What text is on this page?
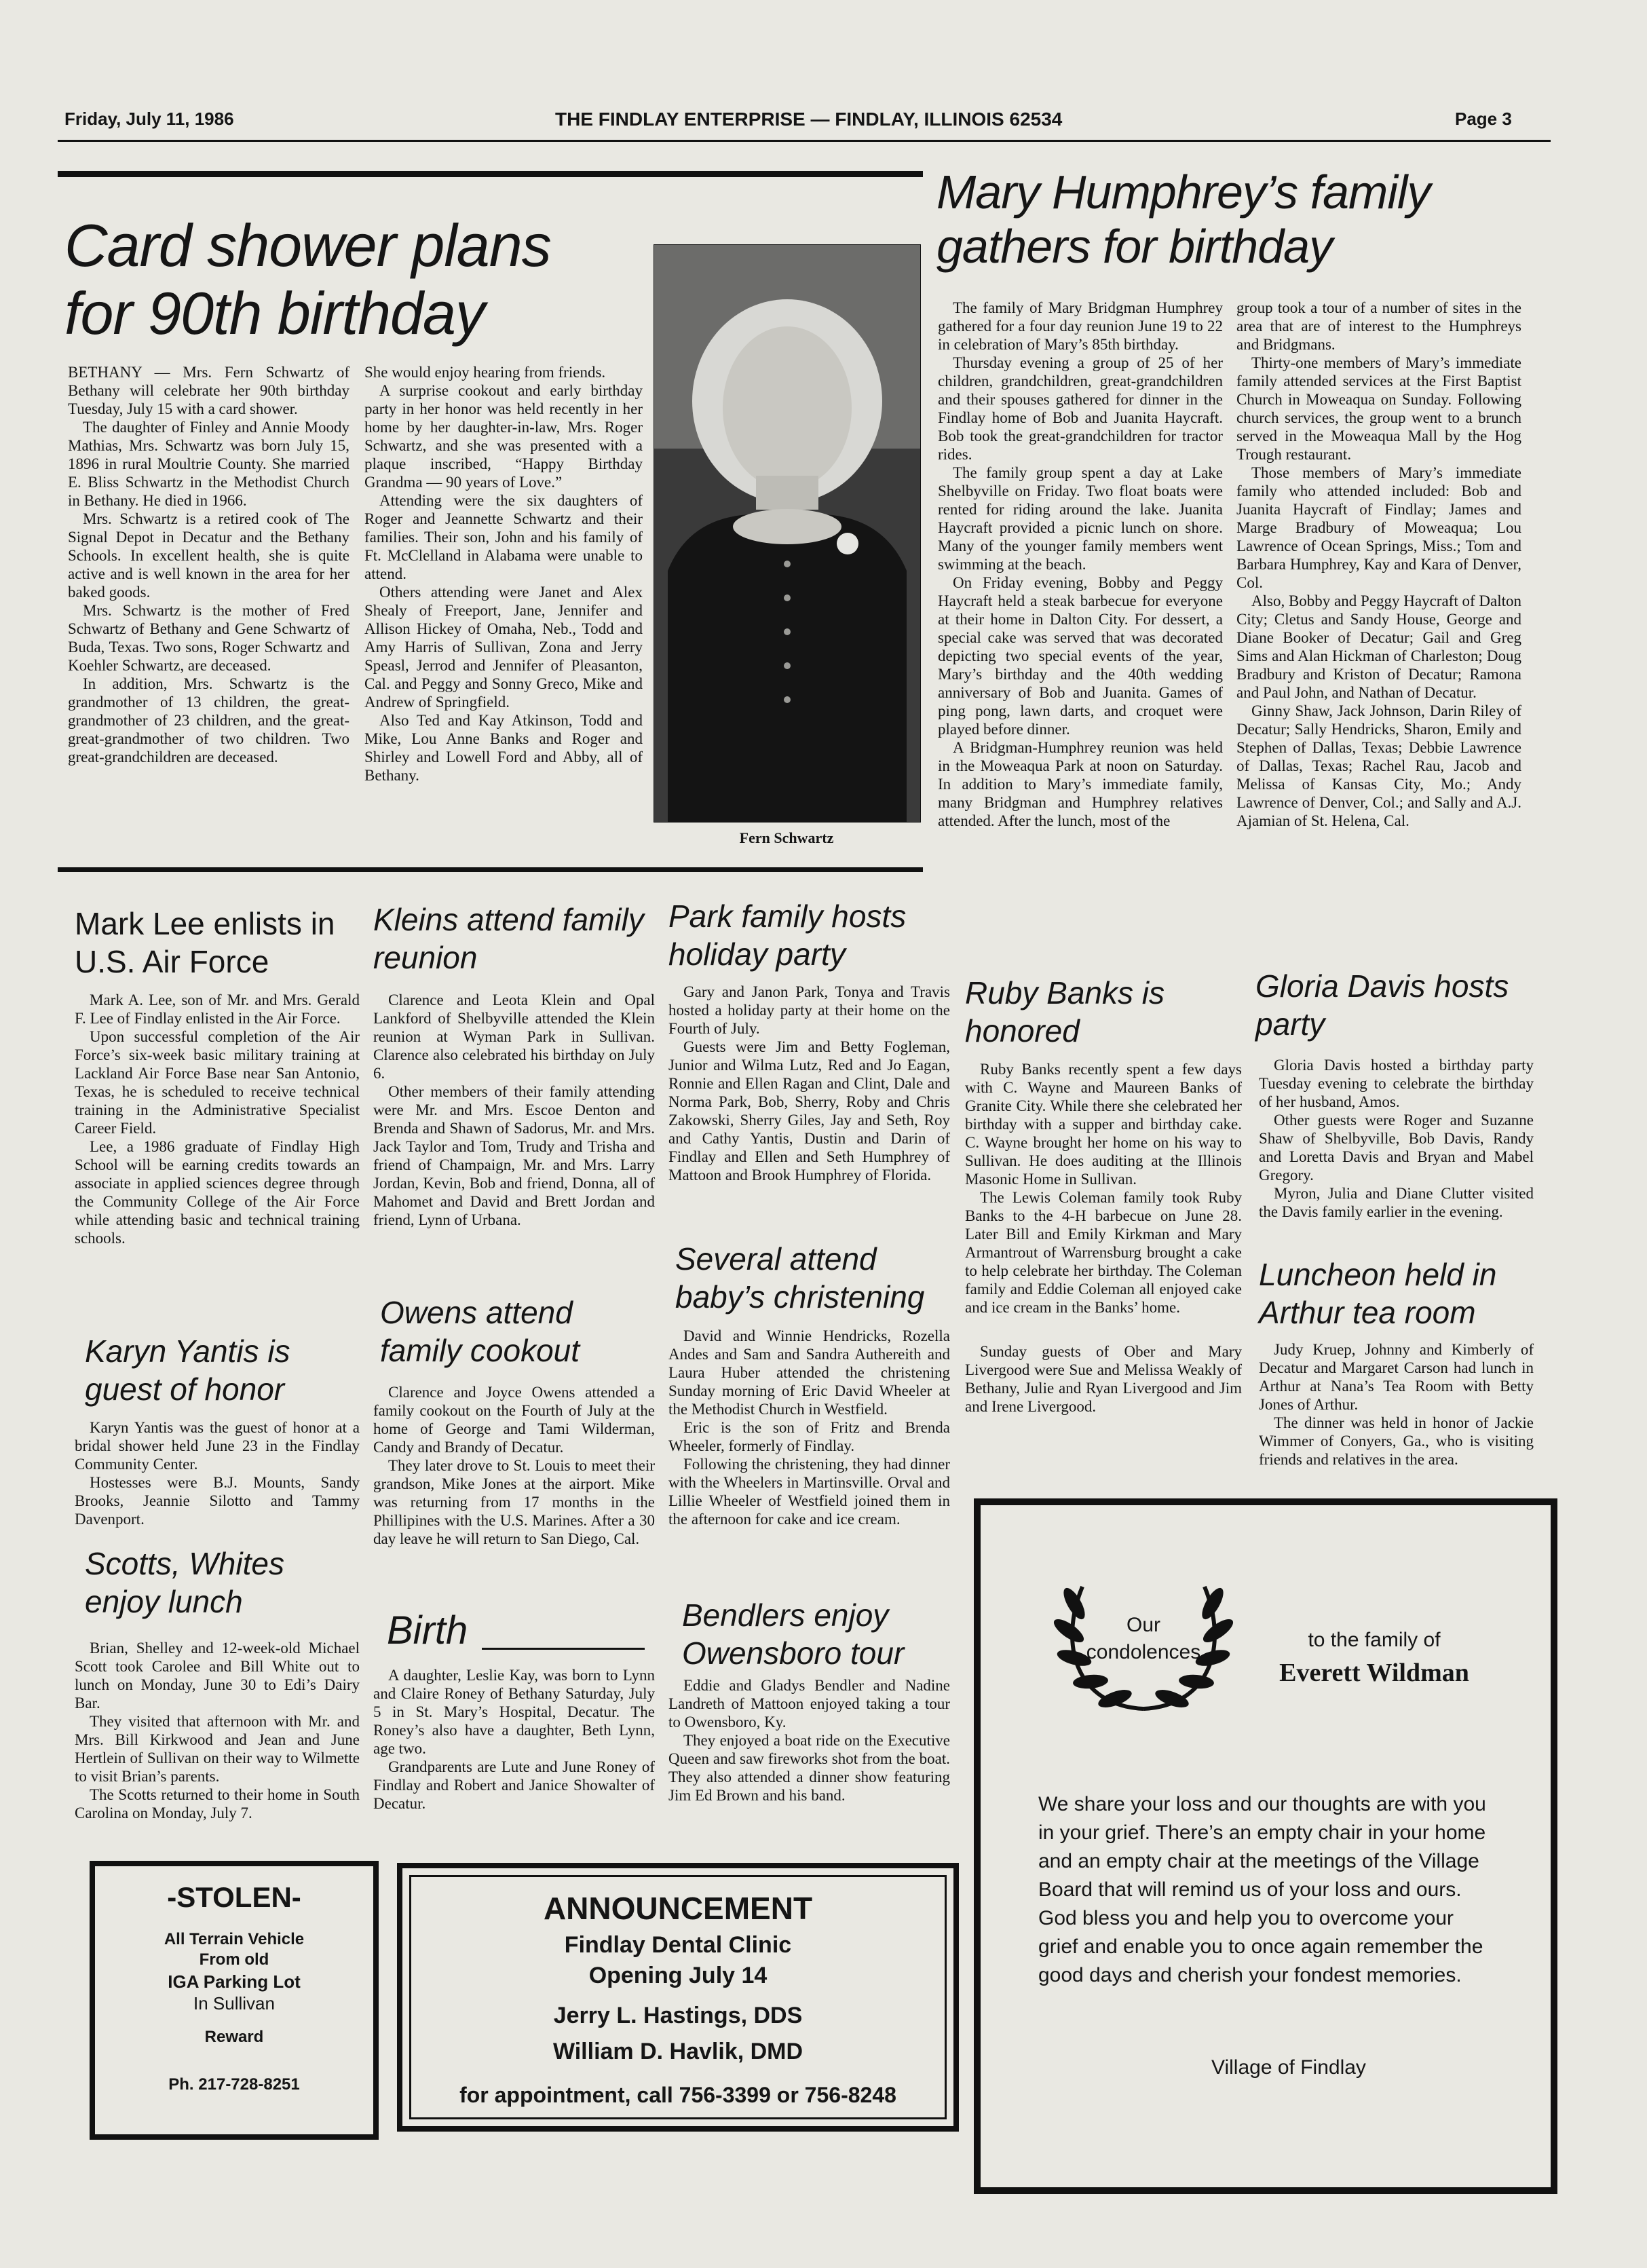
Friday, July 11, 1986	THE FINDLAY ENTERPRISE — FINDLAY, ILLINOIS 62534	Page 3
Card shower plans for 90th birthday

BETHANY — Mrs. Fern Schwartz of Bethany will celebrate her 90th birthday Tuesday, July 15 with a card shower.

The daughter of Finley and Annie Moody Mathias, Mrs. Schwartz was born July 15, 1896 in rural Moultrie County. She married E. Bliss Schwartz in the Methodist Church in Bethany. He died in 1966.

Mrs. Schwartz is a retired cook of The Signal Depot in Decatur and the Bethany Schools. In excellent health, she is quite active and is well known in the area for her baked goods.

Mrs. Schwartz is the mother of Fred Schwartz of Bethany and Gene Schwartz of Buda, Texas. Two sons, Roger Schwartz and Koehler Schwartz, are deceased.

In addition, Mrs. Schwartz is the grandmother of 13 children, the great-grandmother of 23 children, and the great-great-grandmother of two children. Two great-grandchildren are deceased.

She would enjoy hearing from friends.

A surprise cookout and early birthday party in her honor was held recently in her home by her daughter-in-law, Mrs. Roger Schwartz, and she was presented with a plaque inscribed, “Happy Birthday Grandma — 90 years of Love.”

Attending were the six daughters of Roger and Jeannette Schwartz and their families. Their son, John and his family of Ft. McClelland in Alabama were unable to attend.

Others attending were Janet and Alex Shealy of Freeport, Jane, Jennifer and Allison Hickey of Omaha, Neb., Todd and Amy Harris of Sullivan, Zona and Jerry Speasl, Jerrod and Jennifer of Pleasanton, Cal. and Peggy and Sonny Greco, Mike and Andrew of Springfield.

Also Ted and Kay Atkinson, Todd and Mike, Lou Anne Banks and Roger and Shirley and Lowell Ford and Abby, all of Bethany.

Fern Schwartz
Mary Humphrey’s family gathers for birthday

The family of Mary Bridgman Humphrey gathered for a four day reunion June 19 to 22 in celebration of Mary’s 85th birthday.

Thursday evening a group of 25 of her children, grandchildren, great-grandchildren and their spouses gathered for dinner in the Findlay home of Bob and Juanita Haycraft. Bob took the great-grandchildren for tractor rides.

The family group spent a day at Lake Shelbyville on Friday. Two float boats were rented for riding around the lake. Juanita Haycraft provided a picnic lunch on shore. Many of the younger family members went swimming at the beach.

On Friday evening, Bobby and Peggy Haycraft held a steak barbecue for everyone at their home in Dalton City. For dessert, a special cake was served that was decorated depicting two special events of the year, Mary’s birthday and the 40th wedding anniversary of Bob and Juanita. Games of ping pong, lawn darts, and croquet were played before dinner.

A Bridgman-Humphrey reunion was held in the Moweaqua Park at noon on Saturday. In addition to Mary’s immediate family, many Bridgman and Humphrey relatives attended. After the lunch, most of the

group took a tour of a number of sites in the area that are of interest to the Humphreys and Bridgmans.

Thirty-one members of Mary’s immediate family attended services at the First Baptist Church in Moweaqua on Sunday. Following church services, the group went to a brunch served in the Moweaqua Mall by the Hog Trough restaurant.

Those members of Mary’s immediate family who attended included: Bob and Juanita Haycraft of Findlay; James and Marge Bradbury of Moweaqua; Lou Lawrence of Ocean Springs, Miss.; Tom and Barbara Humphrey, Kay and Kara of Denver, Col.

Also, Bobby and Peggy Haycraft of Dalton City; Cletus and Sandy House, George and Diane Booker of Decatur; Gail and Greg Sims and Alan Hickman of Charleston; Doug Bradbury and Kriston of Decatur; Ramona and Paul John, and Nathan of Decatur.

Ginny Shaw, Jack Johnson, Darin Riley of Decatur; Sally Hendricks, Sharon, Emily and Stephen of Dallas, Texas; Debbie Lawrence of Dallas, Texas; Rachel Rau, Jacob and Melissa of Kansas City, Mo.; Andy Lawrence of Denver, Col.; and Sally and A.J. Ajamian of St. Helena, Cal.

Mark Lee enlists in U.S. Air Force

Mark A. Lee, son of Mr. and Mrs. Gerald F. Lee of Findlay enlisted in the Air Force.

Upon successful completion of the Air Force’s six-week basic military training at Lackland Air Force Base near San Antonio, Texas, he is scheduled to receive technical training in the Administrative Specialist Career Field.

Lee, a 1986 graduate of Findlay High School will be earning credits towards an associate in applied sciences degree through the Community College of the Air Force while attending basic and technical training schools.

Karyn Yantis is guest of honor

Karyn Yantis was the guest of honor at a bridal shower held June 23 in the Findlay Community Center.

Hostesses were B.J. Mounts, Sandy Brooks, Jeannie Silotto and Tammy Davenport.

Scotts, Whites enjoy lunch

Brian, Shelley and 12-week-old Michael Scott took Carolee and Bill White out to lunch on Monday, June 30 to Edi’s Dairy Bar.

They visited that afternoon with Mr. and Mrs. Bill Kirkwood and Jean and June Hertlein of Sullivan on their way to Wilmette to visit Brian’s parents.

The Scotts returned to their home in South Carolina on Monday, July 7.

Kleins attend family reunion

Clarence and Leota Klein and Opal Lankford of Shelbyville attended the Klein reunion at Wyman Park in Sullivan. Clarence also celebrated his birthday on July 6.

Other members of their family attending were Mr. and Mrs. Escoe Denton and Brenda and Shawn of Sadorus, Mr. and Mrs. Jack Taylor and Tom, Trudy and Trisha and friend of Champaign, Mr. and Mrs. Larry Jordan, Kevin, Bob and friend, Donna, all of Mahomet and David and Brett Jordan and friend, Lynn of Urbana.

Owens attend family cookout

Clarence and Joyce Owens attended a family cookout on the Fourth of July at the home of George and Tami Wilderman, Candy and Brandy of Decatur.

They later drove to St. Louis to meet their grandson, Mike Jones at the airport. Mike was returning from 17 months in the Phillipines with the U.S. Marines. After a 30 day leave he will return to San Diego, Cal.

Birth

A daughter, Leslie Kay, was born to Lynn and Claire Roney of Bethany Saturday, July 5 in St. Mary’s Hospital, Decatur. The Roney’s also have a daughter, Beth Lynn, age two.

Grandparents are Lute and June Roney of Findlay and Robert and Janice Showalter of Decatur.

Park family hosts holiday party

Gary and Janon Park, Tonya and Travis hosted a holiday party at their home on the Fourth of July.

Guests were Jim and Betty Fogleman, Junior and Wilma Lutz, Red and Jo Eagan, Ronnie and Ellen Ragan and Clint, Dale and Norma Park, Bob, Sherry, Roby and Chris Zakowski, Sherry Giles, Jay and Seth, Roy and Cathy Yantis, Dustin and Darin of Findlay and Ellen and Seth Humphrey of Mattoon and Brook Humphrey of Florida.

Several attend baby’s christening

David and Winnie Hendricks, Rozella Andes and Sam and Sandra Authereith and Laura Huber attended the christening Sunday morning of Eric David Wheeler at the Methodist Church in Westfield.

Eric is the son of Fritz and Brenda Wheeler, formerly of Findlay.

Following the christening, they had dinner with the Wheelers in Martinsville. Orval and Lillie Wheeler of Westfield joined them in the afternoon for cake and ice cream.

Bendlers enjoy Owensboro tour

Eddie and Gladys Bendler and Nadine Landreth of Mattoon enjoyed taking a tour to Owensboro, Ky.

They enjoyed a boat ride on the Executive Queen and saw fireworks shot from the boat. They also attended a dinner show featuring Jim Ed Brown and his band.

Ruby Banks is honored

Ruby Banks recently spent a few days with C. Wayne and Maureen Banks of Granite City. While there she celebrated her birthday with a supper and birthday cake. C. Wayne brought her home on his way to Sullivan. He does auditing at the Illinois Masonic Home in Sullivan.

The Lewis Coleman family took Ruby Banks to the 4-H barbecue on June 28. Later Bill and Emily Kirkman and Mary Armantrout of Warrensburg brought a cake to help celebrate her birthday. The Coleman family and Eddie Coleman all enjoyed cake and ice cream in the Banks’ home.

Sunday guests of Ober and Mary Livergood were Sue and Melissa Weakly of Bethany, Julie and Ryan Livergood and Jim and Irene Livergood.

Gloria Davis hosts party

Gloria Davis hosted a birthday party Tuesday evening to celebrate the birthday of her husband, Amos.

Other guests were Roger and Suzanne Shaw of Shelbyville, Bob Davis, Randy and Loretta Davis and Bryan and Mabel Gregory.

Myron, Julia and Diane Clutter visited the Davis family earlier in the evening.

Luncheon held in Arthur tea room

Judy Kruep, Johnny and Kimberly of Decatur and Margaret Carson had lunch in Arthur at Nana’s Tea Room with Betty Jones of Arthur.

The dinner was held in honor of Jackie Wimmer of Conyers, Ga., who is visiting friends and relatives in the area.

-STOLEN-
All Terrain Vehicle
From old
IGA Parking Lot
In Sullivan
Reward
Ph. 217-728-8251
ANNOUNCEMENT
Findlay Dental Clinic
Opening July 14
Jerry L. Hastings, DDS
William D. Havlik, DMD
for appointment, call 756-3399 or 756-8248
Our
condolences
to the family of
Everett Wildman
We share your loss and our thoughts are with you in your grief. There’s an empty chair in your home and an empty chair at the meetings of the Village Board that will remind us of your loss and ours. God bless you and help you to overcome your grief and enable you to once again remember the good days and cherish your fondest memories.
Village of Findlay
